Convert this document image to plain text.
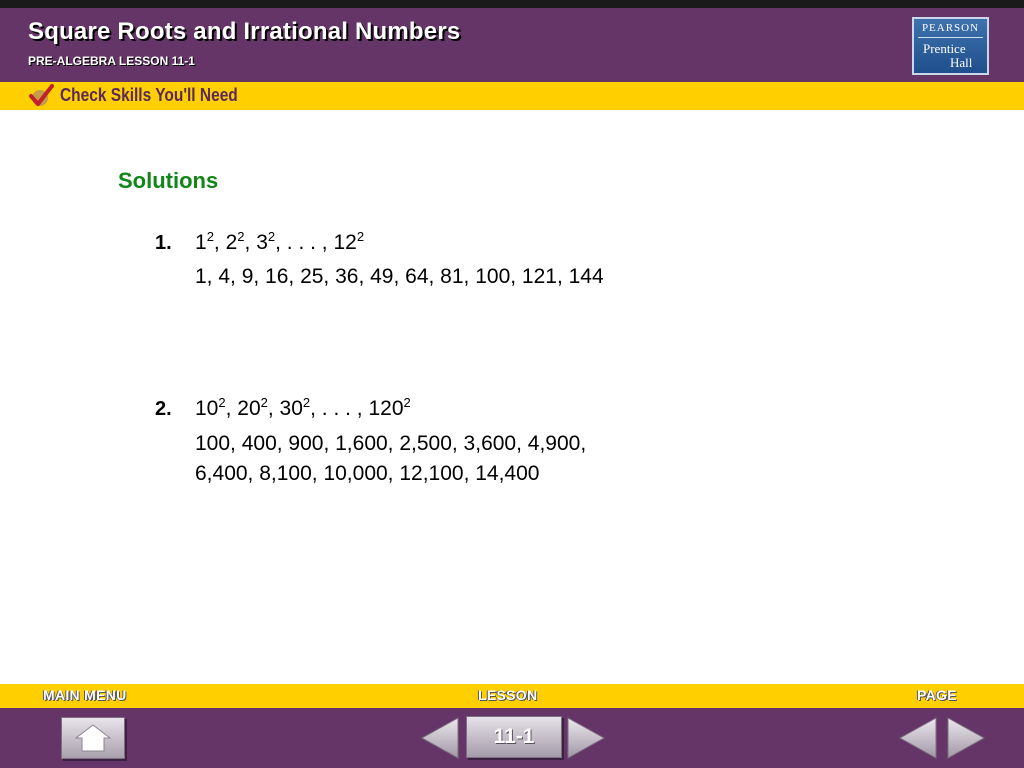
Square Roots and Irrational Numbers
PRE-ALGEBRA LESSON 11-1
PEARSON
Prentice
Hall
Check Skills You'll Need
Solutions
1. $1^2$, $2^2$, $3^2$, . . . , $12^2$
1, 4, 9, 16, 25, 36, 49, 64, 81, 100, 121, 144
2. $10^2$, $20^2$, $30^2$, . . . , $120^2$
100, 400, 900, 1,600, 2,500, 3,600, 4,900,
6,400, 8,100, 10,000, 12,100, 14,400
MAIN MENU	LESSON	PAGE
11-1
